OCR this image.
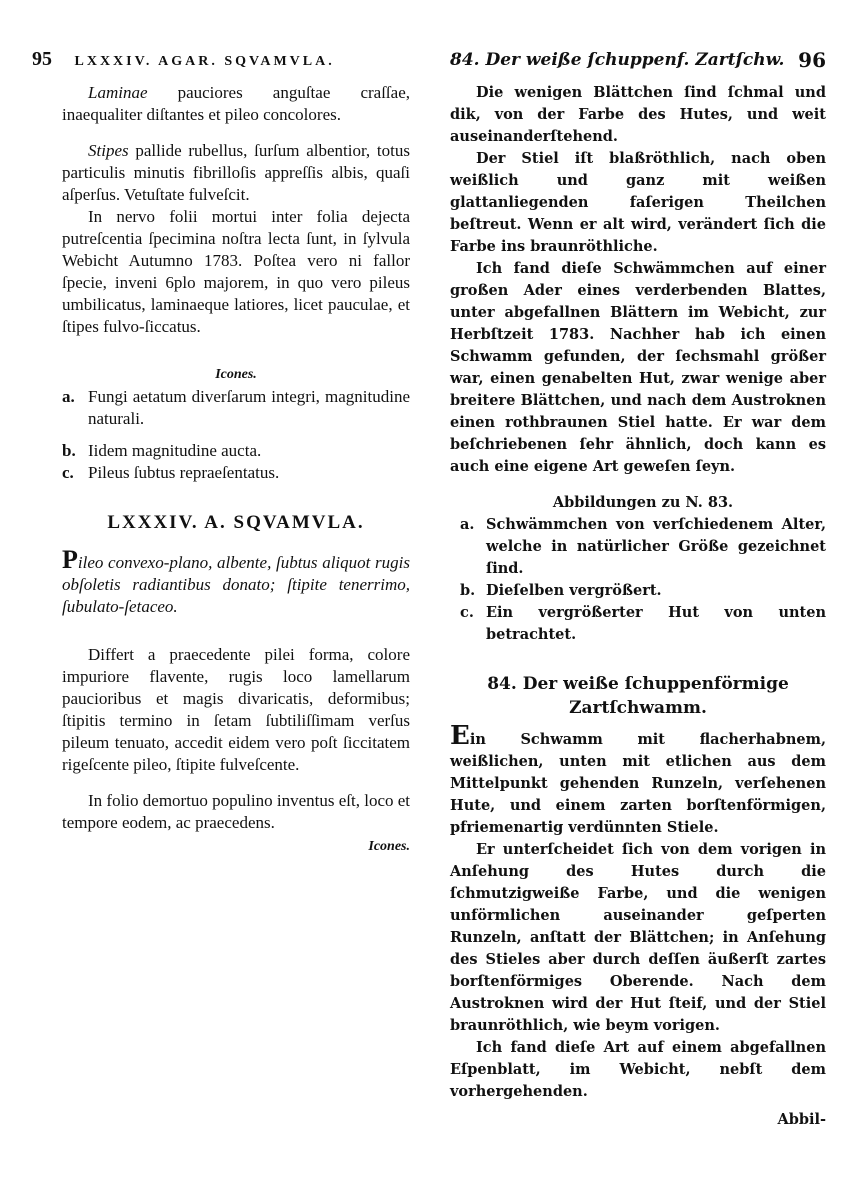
95 LXXXIV. AGAR. SQVAMVLA.

Laminae pauciores anguſtae craſſae, inaequaliter diſtantes et pileo concolores.

Stipes pallide rubellus, ſurſum albentior, totus particulis minutis fibrilloſis appreſſis albis, quaſi aſperſus. Vetuſtate fulveſcit.

In nervo folii mortui inter folia dejecta putreſcentia ſpecimina noſtra lecta ſunt, in ſylvula Webicht Autumno 1783. Poſtea vero ni fallor ſpecie, inveni 6plo majorem, in quo vero pileus umbilicatus, laminaeque latiores, licet pauculae, et ſtipes fulvo-ſiccatus.

Icones.

a. Fungi aetatum diverſarum integri, magnitudine naturali.
b. Iidem magnitudine aucta.
c. Pileus ſubtus repraeſentatus.
LXXXIV. A. SQVAMVLA.

Pileo convexo-plano, albente, ſubtus aliquot rugis obſoletis radiantibus donato; ſtipite tenerrimo, ſubulato-ſetaceo.

Differt a praecedente pilei forma, colore impuriore flavente, rugis loco lamellarum paucioribus et magis divaricatis, deformibus; ſtipitis termino in ſetam ſubtiliſſimam verſus pileum tenuato, accedit eidem vero poſt ſiccitatem rigeſcente pileo, ſtipite fulveſcente.

In folio demortuo populino inventus eſt, loco et tempore eodem, ac praecedens.

Icones.
84. Der weiße ſchuppenf. Zartſchw. 96

Die wenigen Blättchen ſind ſchmal und dik, von der Farbe des Hutes, und weit auseinanderſtehend.

Der Stiel iſt blaßröthlich, nach oben weißlich und ganz mit weißen glattanliegenden faſerigen Theilchen beſtreut. Wenn er alt wird, verändert ſich die Farbe ins braunröthliche.

Ich fand dieſe Schwämmchen auf einer großen Ader eines verderbenden Blattes, unter abgefallnen Blättern im Webicht, zur Herbſtzeit 1783. Nachher hab ich einen Schwamm gefunden, der ſechsmahl größer war, einen genabelten Hut, zwar wenige aber breitere Blättchen, und nach dem Austroknen einen rothbraunen Stiel hatte. Er war dem beſchriebenen ſehr ähnlich, doch kann es auch eine eigene Art geweſen ſeyn.

Abbildungen zu N. 83.

a. Schwämmchen von verſchiedenem Alter, welche in natürlicher Größe gezeichnet ſind.
b. Dieſelben vergrößert.
c. Ein vergrößerter Hut von unten betrachtet.
84. Der weiße ſchuppenförmige Zartſchwamm.

Ein Schwamm mit flacherhabnem, weißlichen, unten mit etlichen aus dem Mittelpunkt gehenden Runzeln, verſehenen Hute, und einem zarten borſtenförmigen, pfriemenartig verdünnten Stiele.

Er unterſcheidet ſich von dem vorigen in Anſehung des Hutes durch die ſchmutzigweiße Farbe, und die wenigen unförmlichen auseinander geſperten Runzeln, anſtatt der Blättchen; in Anſehung des Stieles aber durch deſſen äußerſt zartes borſtenförmiges Oberende. Nach dem Austroknen wird der Hut ſteif, und der Stiel braunröthlich, wie beym vorigen.

Ich fand dieſe Art auf einem abgefallnen Eſpenblatt, im Webicht, nebſt dem vorhergehenden.

Abbil-
